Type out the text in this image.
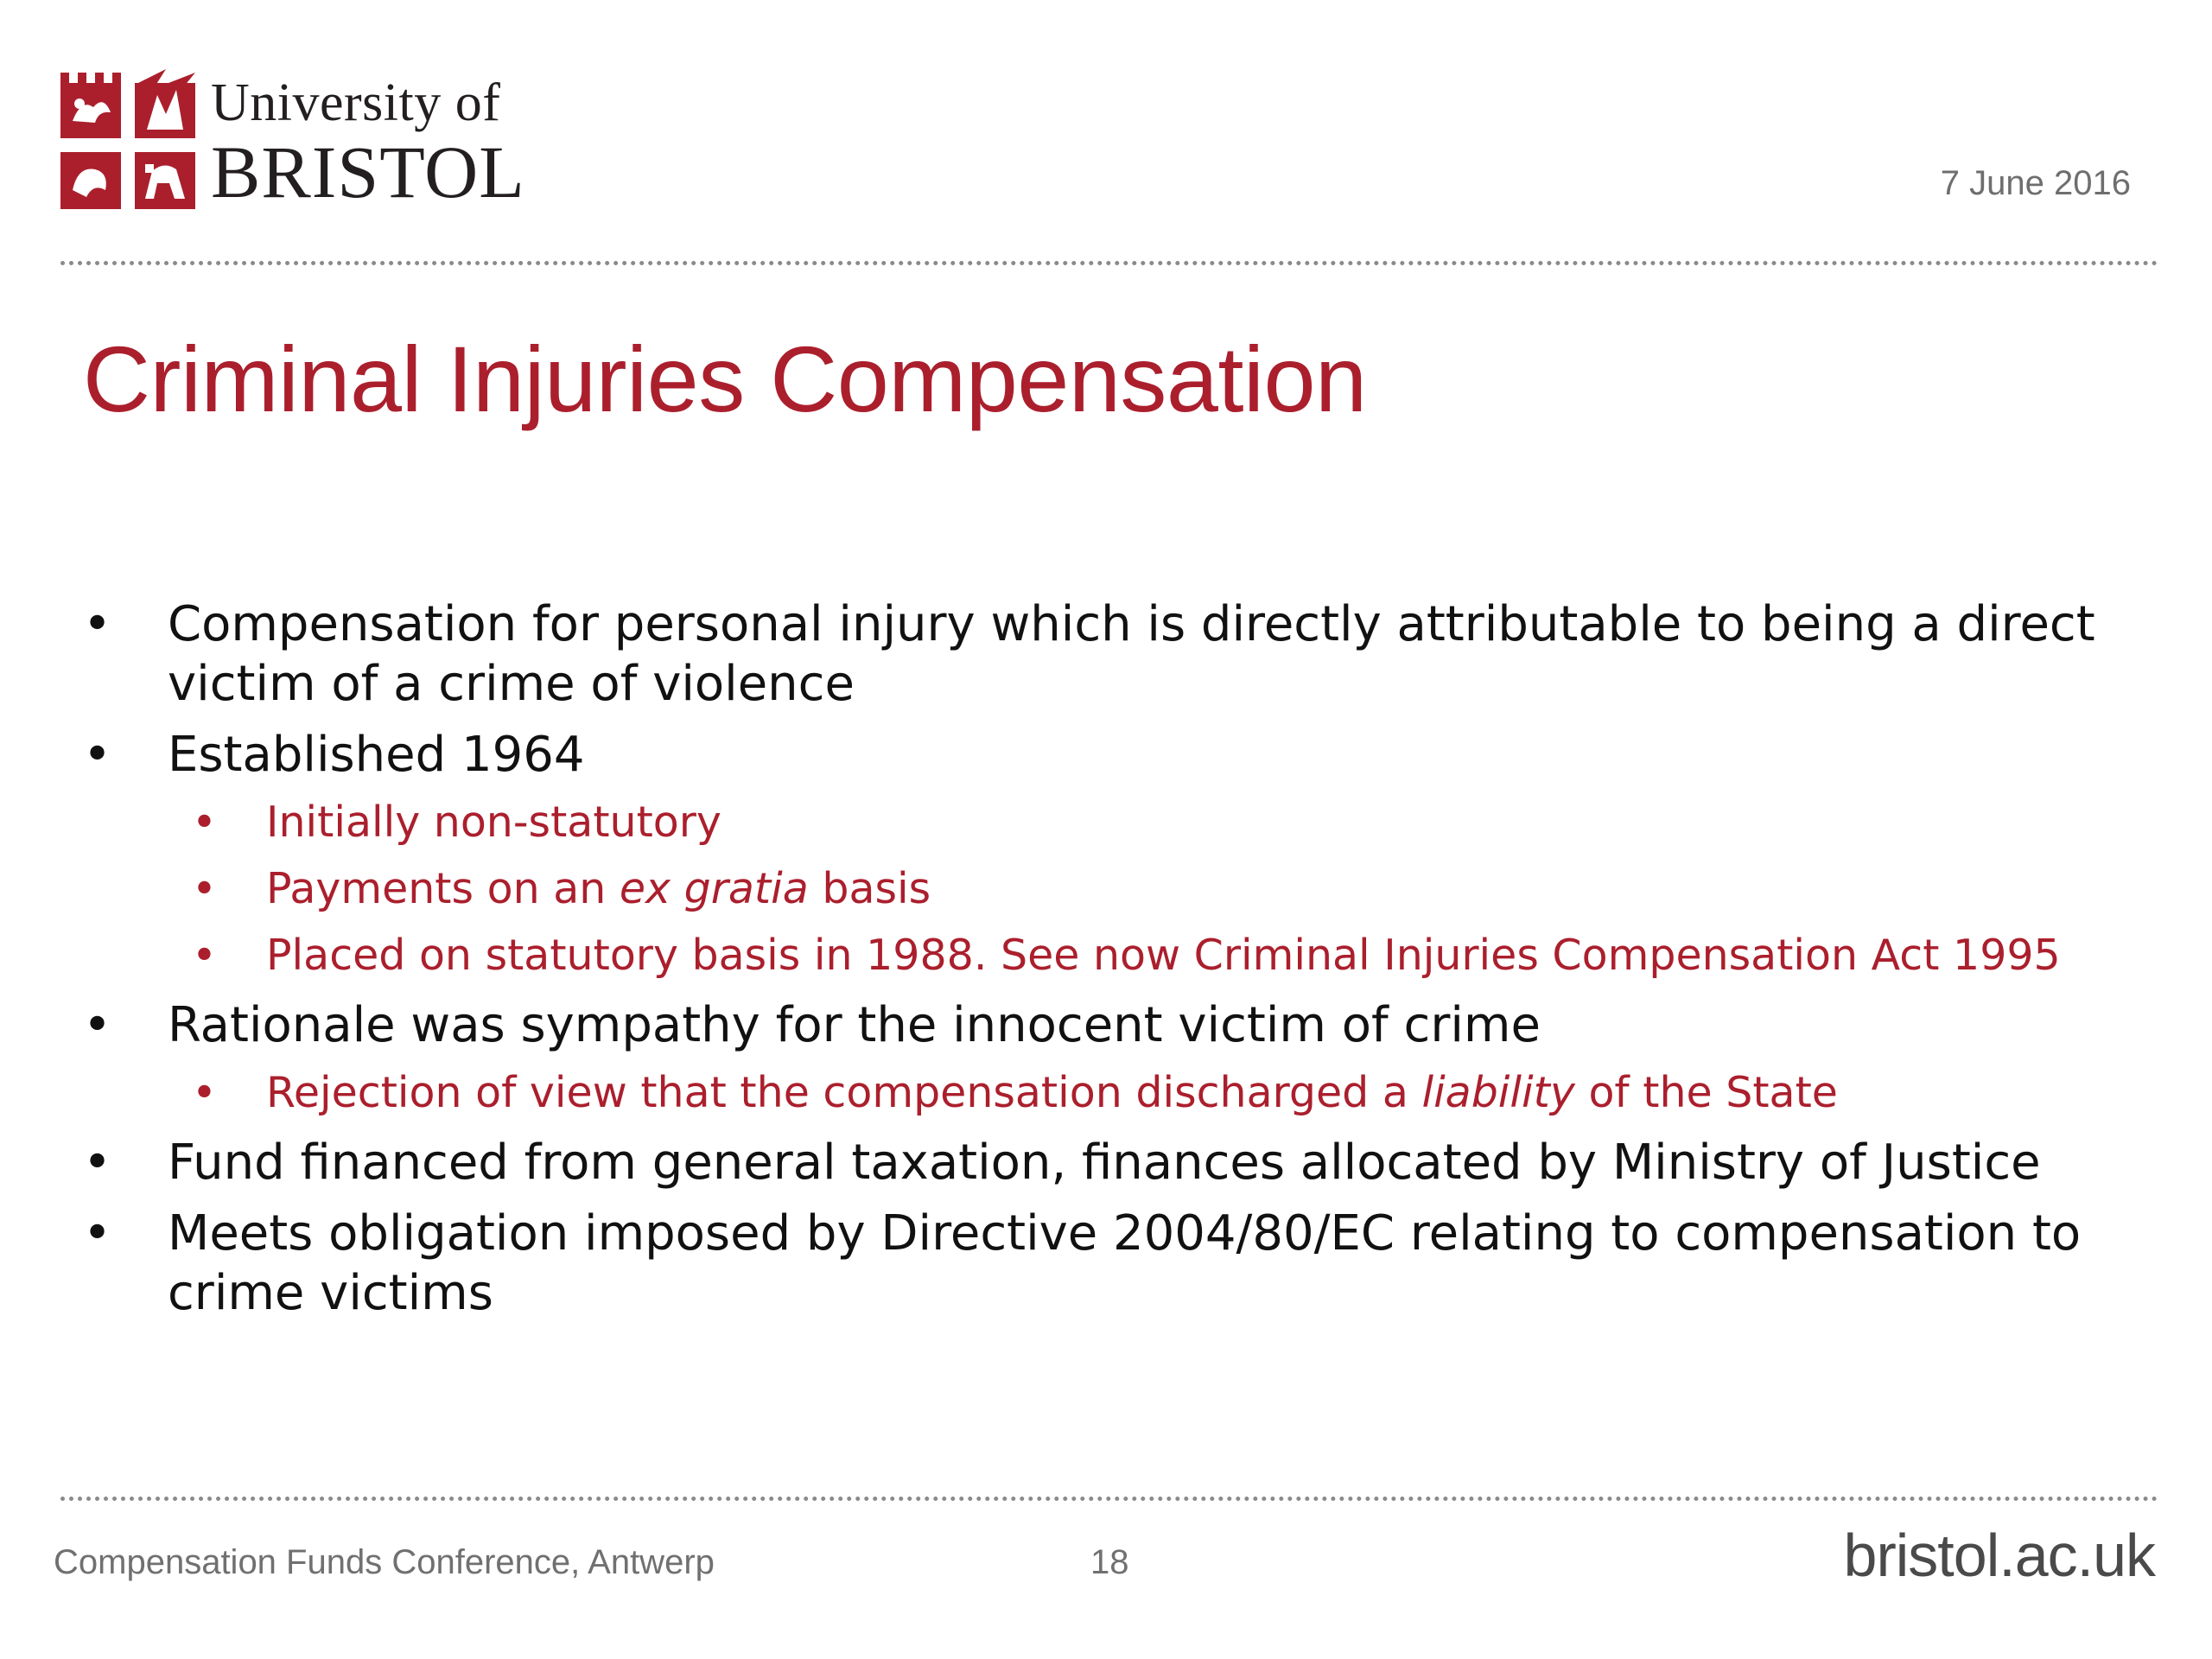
University of
BRISTOL	7 June 2016
Criminal Injuries Compensation
• Compensation for personal injury which is directly attributable to being a direct victim of a crime of violence
• Established 1964
• Initially non-statutory
• Payments on an ex gratia basis
• Placed on statutory basis in 1988. See now Criminal Injuries Compensation Act 1995
• Rationale was sympathy for the innocent victim of crime
• Rejection of view that the compensation discharged a liability of the State
• Fund financed from general taxation, finances allocated by Ministry of Justice
• Meets obligation imposed by Directive 2004/80/EC relating to compensation to crime victims
Compensation Funds Conference, Antwerp	18	bristol.ac.uk
